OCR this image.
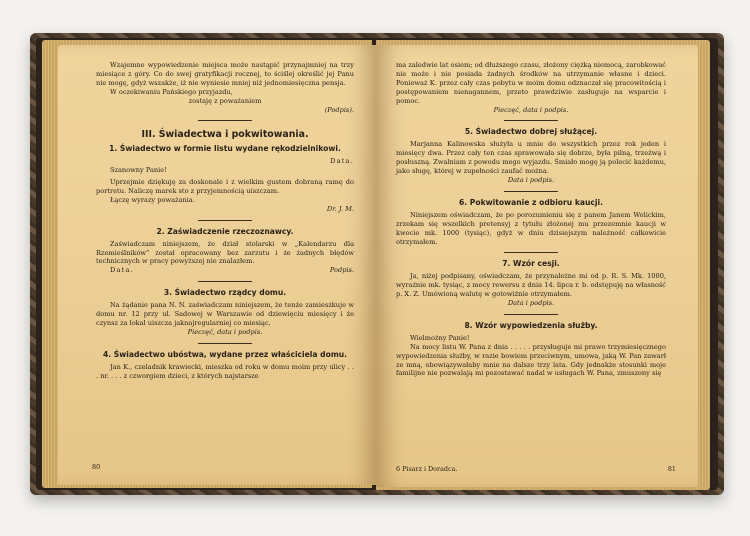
Wzajemne wypowiedzenie miejsca może nastąpić przynajmniej na trzy miesiące z góry. Co do swej gratyfikacji rocznej, to ściślej określić jej Panu nie mogę, gdyż wszakże, iż nie wyniesie mniej niż jednomiesięczna pensja.

W oczekiwaniu Pańskiego przyjazdu,

zostaję z poważaniem

(Podpis).

III. Świadectwa i pokwitowania.

1. Świadectwo w formie listu wydane rękodzielnikowi.

Data.

Szanowny Panie!

Uprzejmie dziękuję za doskonale i z wielkim gustem dobraną ramę do portretu. Naliczę marek sto z przyjemnością uiszczam.

Łączę wyrazy poważania.

Dr. J. M.

2. Zaświadczenie rzeczoznawcy.

Zaświadczam niniejszem, że dział stolarski w „Kalendarzu dla Rzemieślników” został opracowany bez zarzutu i że żadnych błędów technicznych w pracy powyższej nie znalazłem.

Data.	Podpis.

3. Świadectwo rządcy domu.

Na żądanie pana N. N. zaświadczam niniejszem, że tenże zamieszkuje w domu nr. 12 przy ul. Sadowej w Warszawie od dziewięciu miesięcy i że czynsz za lokal uiszcza jaknajregularniej co miesiąc.

Pieczęć, data i podpis.

4. Świadectwo ubóstwa, wydane przez właściciela domu.

Jan K., czeladnik krawiecki, mieszka od roku w domu moim przy ulicy . . . nr. . . . z czworgiem dzieci, z których najstarsze

80

ma zaledwie lat osiem; od dłuższego czasu, złożony ciężką niemocą, zarobkować nie może i nie posiada żadnych środków na utrzymanie własne i dzieci. Ponieważ K. przez cały czas pobytu w moim domu odznaczał się pracowitością i postępowaniem nienagannem, przeto prawdziwie zasługuje na wsparcie i pomoc.

Pieczęć, data i podpis.

5. Świadectwo dobrej służącej.

Marjanna Kalinowska służyła u mnie do wszystkich przez rok jeden i miesięcy dwa. Przez cały ten czas sprawowała się dobrze, była pilną, trzeźwą i posłuszną. Zwalniam z powodu mego wyjazdu. Śmiało mogę ją polecić każdemu, jako sługę, której w zupełności zaufać można.

Data i podpis.

6. Pokwitowanie z odbioru kaucji.

Niniejszem oświadczam, że po porozumieniu się z panem Janem Wolickim, zrzekam się wszelkich pretensyj z tytułu złożonej mu przezemnie kaucji w kwocie mk. 1000 (tysiąc), gdyż w dniu dzisiejszym należność całkowicie otrzymałem.

7. Wzór cesji.

Ja, niżej podpisany, oświadczam, że przynależne mi od p. R. S. Mk. 1000, wyraźnie mk. tysiąc, z mocy rewersu z dnia 14. lipca r. b. odstępuję na własność p. X. Z. Umówioną walutę w gotowiźnie otrzymałem.

Data i podpis.

8. Wzór wypowiedzenia służby.

Wielmożny Panie!

Na mocy listu W. Pana z dnia . . . . . przysługuje mi prawo trzymiesięcznego wypowiedzenia służby, w razie bowiem przeciwnym, umowa, jaką W. Pan zawarł ze mną, obowiązywałaby mnie na dalsze trzy lata. Gdy jednakże stosunki moje familijne nie pozwalają mi pozostawać nadal w usługach W. Pana, zmuszony się

6 Pisarz i Doradca.	81
